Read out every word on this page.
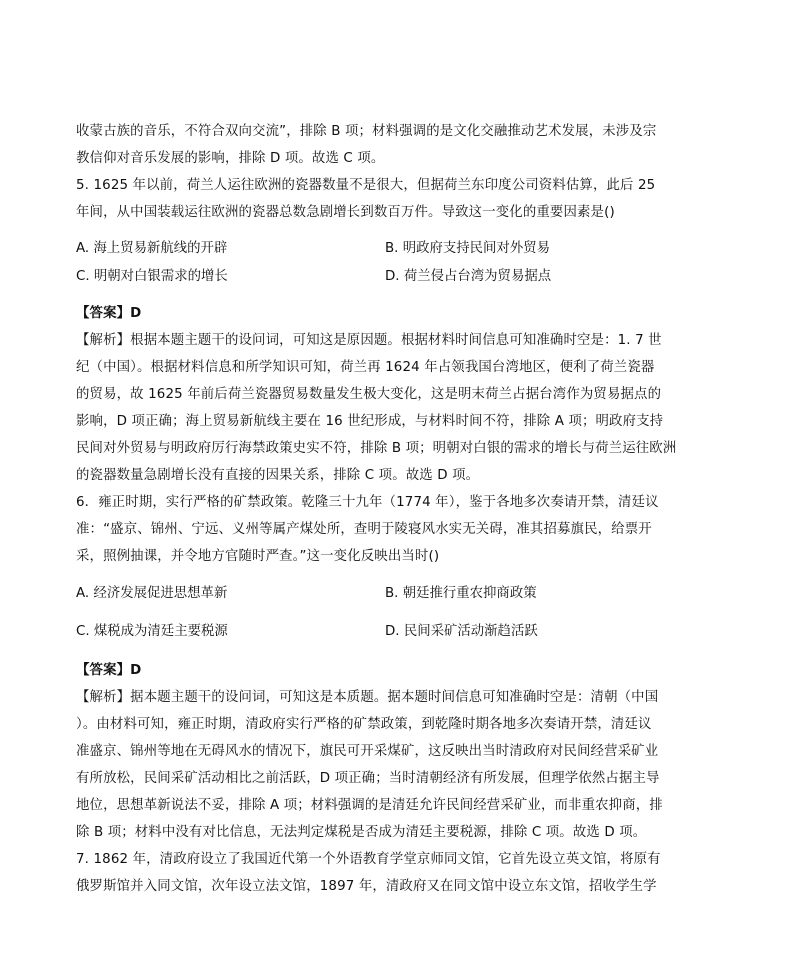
收蒙古族的音乐，不符合双向交流”，排除 B 项；材料强调的是文化交融推动艺术发展，未涉及宗
教信仰对音乐发展的影响，排除 D 项。故选 C 项。
5. 1625 年以前，荷兰人运往欧洲的瓷器数量不是很大，但据荷兰东印度公司资料估算，此后 25
年间，从中国装载运往欧洲的瓷器总数急剧增长到数百万件。导致这一变化的重要因素是()
A. 海上贸易新航线的开辟	B. 明政府支持民间对外贸易
C. 明朝对白银需求的增长	D. 荷兰侵占台湾为贸易据点
【答案】D
【解析】根据本题主题干的设问词，可知这是原因题。根据材料时间信息可知准确时空是：1. 7 世
纪（中国）。根据材料信息和所学知识可知，荷兰再 1624 年占领我国台湾地区，便利了荷兰瓷器
的贸易，故 1625 年前后荷兰瓷器贸易数量发生极大变化，这是明末荷兰占据台湾作为贸易据点的
影响，D 项正确；海上贸易新航线主要在 16 世纪形成，与材料时间不符，排除 A 项；明政府支持
民间对外贸易与明政府厉行海禁政策史实不符，排除 B 项；明朝对白银的需求的增长与荷兰运往欧洲
的瓷器数量急剧增长没有直接的因果关系，排除 C 项。故选 D 项。
6．雍正时期，实行严格的矿禁政策。乾隆三十九年（1774 年），鉴于各地多次奏请开禁，清廷议
准：“盛京、锦州、宁远、义州等属产煤处所，查明于陵寝风水实无关碍，准其招募旗民，给票开
采，照例抽课，并令地方官随时严查。”这一变化反映出当时()
A. 经济发展促进思想革新	B. 朝廷推行重农抑商政策
C. 煤税成为清廷主要税源	D. 民间采矿活动渐趋活跃
【答案】D
【解析】据本题主题干的设问词，可知这是本质题。据本题时间信息可知准确时空是：清朝（中国
）。由材料可知，雍正时期，清政府实行严格的矿禁政策，到乾隆时期各地多次奏请开禁，清廷议
准盛京、锦州等地在无碍风水的情况下，旗民可开采煤矿，这反映出当时清政府对民间经营采矿业
有所放松，民间采矿活动相比之前活跃，D 项正确；当时清朝经济有所发展，但理学依然占据主导
地位，思想革新说法不妥，排除 A 项；材料强调的是清廷允许民间经营采矿业，而非重农抑商，排
除 B 项；材料中没有对比信息，无法判定煤税是否成为清廷主要税源，排除 C 项。故选 D 项。
7. 1862 年，清政府设立了我国近代第一个外语教育学堂京师同文馆，它首先设立英文馆，将原有
俄罗斯馆并入同文馆，次年设立法文馆，1897 年，清政府又在同文馆中设立东文馆，招收学生学
